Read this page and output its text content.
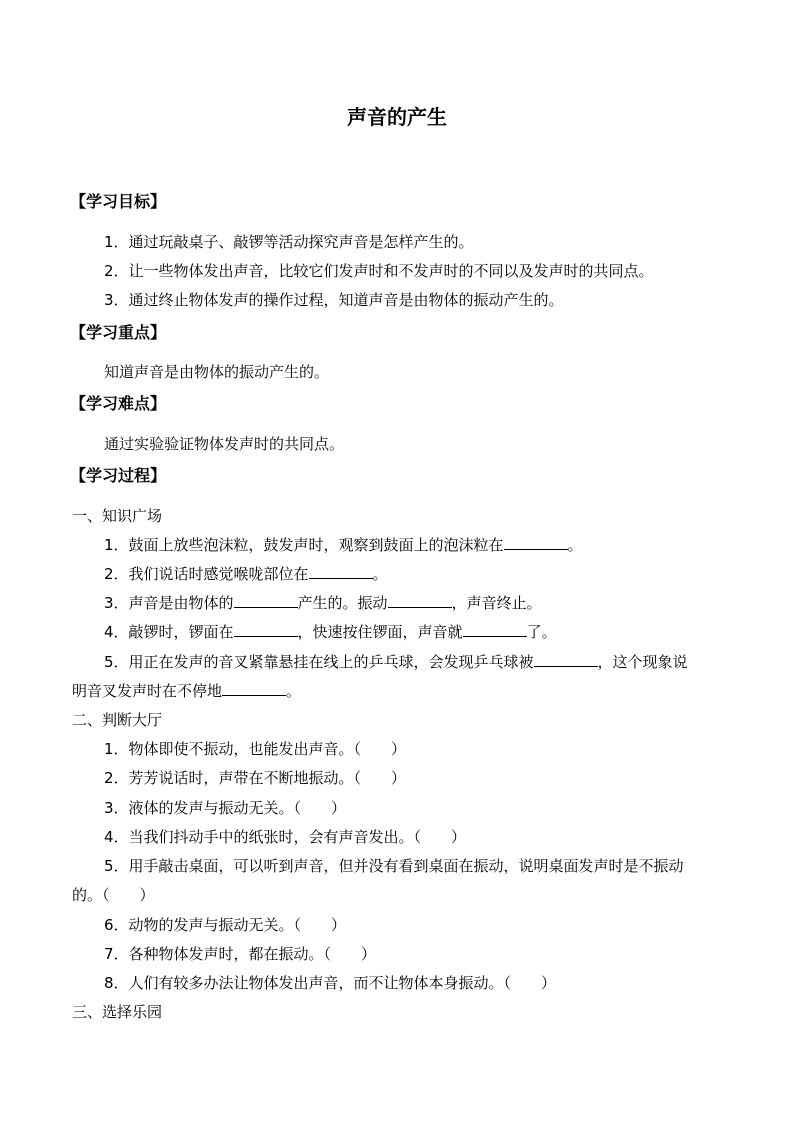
声音的产生
【学习目标】
1．通过玩敲桌子、敲锣等活动探究声音是怎样产生的。
2．让一些物体发出声音，比较它们发声时和不发声时的不同以及发声时的共同点。
3．通过终止物体发声的操作过程，知道声音是由物体的振动产生的。
【学习重点】
知道声音是由物体的振动产生的。
【学习难点】
通过实验验证物体发声时的共同点。
【学习过程】
一、知识广场
1．鼓面上放些泡沫粒，鼓发声时，观察到鼓面上的泡沫粒在	。
2．我们说话时感觉喉咙部位在	。
3．声音是由物体的	产生的。振动	，声音终止。
4．敲锣时，锣面在	，快速按住锣面，声音就	了。
5．用正在发声的音叉紧靠悬挂在线上的乒乓球，会发现乒乓球被	，这个现象说
明音叉发声时在不停地	。
二、判断大厅
1．物体即使不振动，也能发出声音。（　　）
2．芳芳说话时，声带在不断地振动。（　　）
3．液体的发声与振动无关。（　　）
4．当我们抖动手中的纸张时，会有声音发出。（　　）
5．用手敲击桌面，可以听到声音，但并没有看到桌面在振动，说明桌面发声时是不振动
的。（　　）
6．动物的发声与振动无关。（　　）
7．各种物体发声时，都在振动。（　　）
8．人们有较多办法让物体发出声音，而不让物体本身振动。（　　）
三、选择乐园
